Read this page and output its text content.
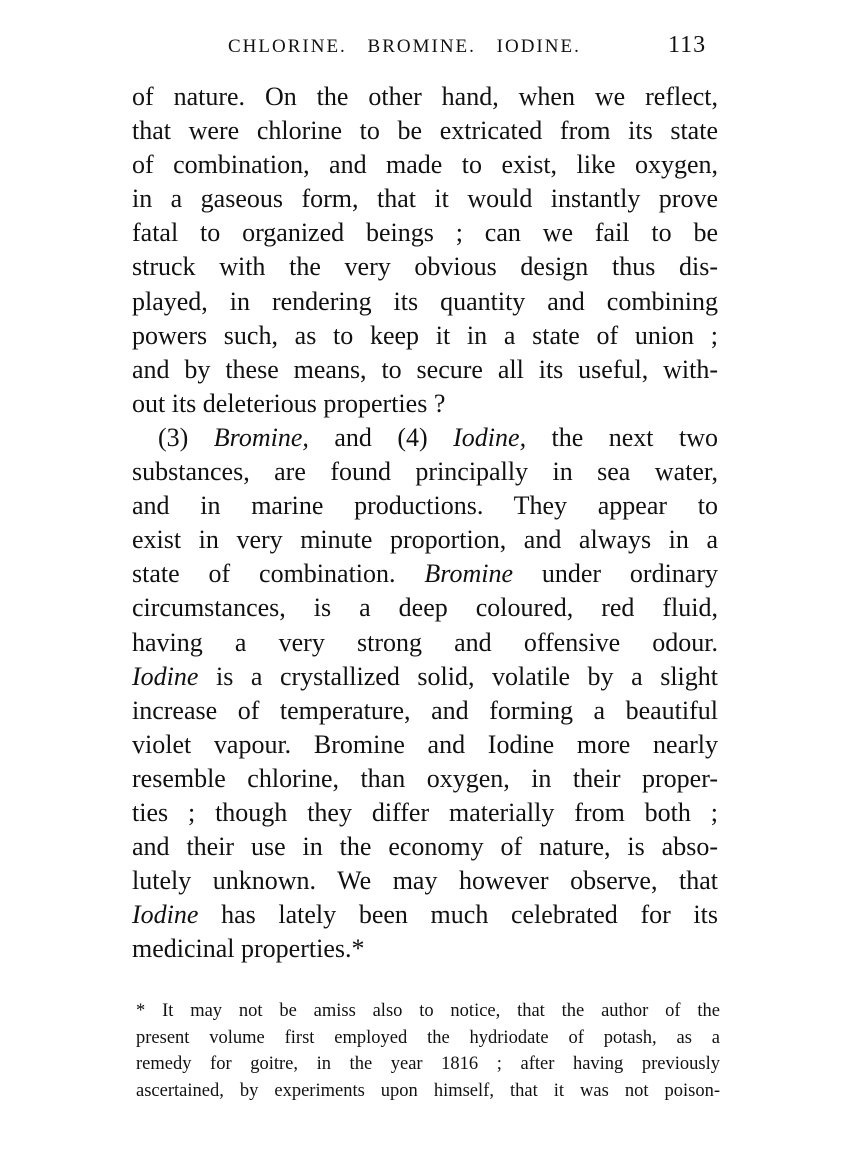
CHLORINE. BROMINE. IODINE.	113
of nature. On the other hand, when we reflect,
that were chlorine to be extricated from its state
of combination, and made to exist, like oxygen,
in a gaseous form, that it would instantly prove
fatal to organized beings ; can we fail to be
struck with the very obvious design thus dis-
played, in rendering its quantity and combining
powers such, as to keep it in a state of union ;
and by these means, to secure all its useful, with-
out its deleterious properties ?
(3) Bromine, and (4) Iodine, the next two
substances, are found principally in sea water,
and in marine productions. They appear to
exist in very minute proportion, and always in a
state of combination. Bromine under ordinary
circumstances, is a deep coloured, red fluid,
having a very strong and offensive odour.
Iodine is a crystallized solid, volatile by a slight
increase of temperature, and forming a beautiful
violet vapour. Bromine and Iodine more nearly
resemble chlorine, than oxygen, in their proper-
ties ; though they differ materially from both ;
and their use in the economy of nature, is abso-
lutely unknown. We may however observe, that
Iodine has lately been much celebrated for its
medicinal properties.*
* It may not be amiss also to notice, that the author of the
present volume first employed the hydriodate of potash, as a
remedy for goitre, in the year 1816 ; after having previously
ascertained, by experiments upon himself, that it was not poison-
